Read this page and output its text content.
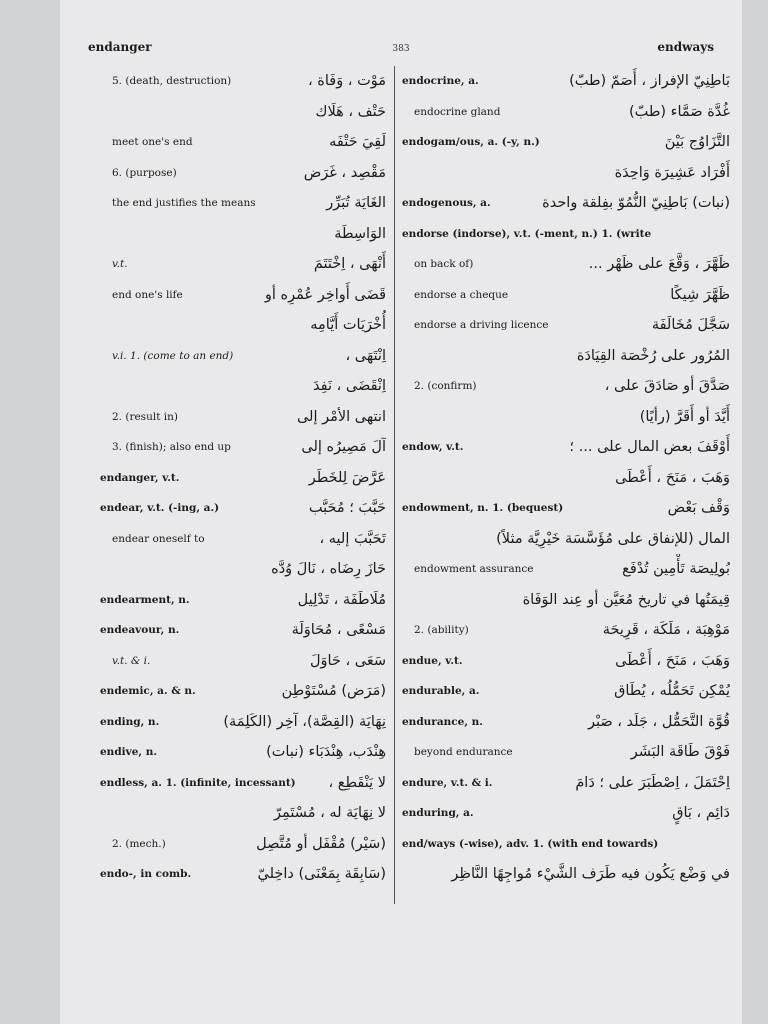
endanger	383	endways
5. (death, destruction)	مَوْت ، وَفَاة ،
حَتْف ، هَلَاك
meet one's end	لَقِيَ حَتْفَه
6. (purpose)	مَقْصِد ، غَرَض
the end justifies the means	الغَايَة تُبَرِّر
الوَاسِطَة
v.t.	أَنْهَى ، اِخْتَتَمَ
end one's life	قَضَى أَواخِر عُمْرِه أو
أُخْرَيَات أَيَّامِه
v.i. 1. (come to an end)	اِنْتَهَى ،
اِنْقَضَى ، نَفِدَ
2. (result in)	انتهى الأمْر إلى
3. (finish); also end up	آلَ مَصِيرُه إلى
endanger, v.t.	عَرَّضَ لِلخَطَر
endear, v.t. (-ing, a.)	حَبَّبَ ؛ مُحَبَّب
endear oneself to	تَحَبَّبَ إليه ،
حَازَ رِضَاه ، نَالَ وُدَّه
endearment, n.	مُلَاطَفَة ، تَدْلِيل
endeavour, n.	مَسْعًى ، مُحَاوَلَة
v.t. & i.	سَعَى ، حَاوَلَ
endemic, a. & n.	(مَرَض) مُسْتَوْطِن
ending, n.	نِهَايَة (القِصَّة)، آخِر (الكَلِمَة)
endive, n.	هِنْدَب، هِنْدَبَاء (نبات)
endless, a. 1. (infinite, incessant) لا يَنْقَطِع ،
لا نِهَايَة له ، مُسْتَمِرّ
2. (mech.)	(سَيْر) مُقْفَل أو مُتَّصِل
endo-, in comb.	(سَابِقَة بِمَعْنَى) داخِليّ
endocrine, a.	بَاطِنِيّ الإفراز ، أَصَمّ (طبّ)
endocrine gland	غُدَّة صَمَّاء (طبّ)
endogam/ous, a. (-y, n.)	التَّزَاوُج بَيْنَ
أَفْرَاد عَشِيرَة وَاحِدَة
endogenous, a.	(نبات) بَاطِنِيّ النُّمُوّ بفِلقة واحدة
endorse (indorse), v.t. (-ment, n.) 1. (write
on back of)	ظَهَّرَ ، وَقَّعَ على ظَهْر ...
endorse a cheque	ظَهَّرَ شِيكًا
endorse a driving licence	سَجَّلَ مُخَالَفَة
المُرُور على رُخْصَة القِيَادَة
2. (confirm)	صَدَّقَ أو صَادَقَ على ،
أَيَّدَ أو أَقَرَّ (رأيًا)
endow, v.t.	أَوْقَفَ بعض المال على ... ؛
وَهَبَ ، مَنَحَ ، أَعْطَى
endowment, n. 1. (bequest)	وَقْف بَعْض
المال (للإنفاق على مُؤَسَّسَة خَيْرِيَّة مثلاً)
endowment assurance	بُولِيصَة تَأْمِين تُدْفَع
قِيمَتُها في تاريخ مُعَيَّن أو عِند الوَفَاة
2. (ability)	مَوْهِبَة ، مَلَكَة ، قَرِيحَة
endue, v.t.	وَهَبَ ، مَنَحَ ، أَعْطَى
endurable, a.	يُمْكِن تَحَمُّلُه ، يُطَاق
endurance, n.	قُوَّة التَّحَمُّل ، جَلَد ، صَبْر
beyond endurance	فَوْقَ طَاقَة البَشَر
endure, v.t. & i.	اِحْتَمَلَ ، اِصْطَبَرَ على ؛ دَامَ
enduring, a.	دَائِم ، بَاقٍ
end/ways (-wise), adv. 1. (with end towards)
في وَضْع يَكُون فيه طَرَف الشَّيْء مُواجِهًا النَّاظِر
